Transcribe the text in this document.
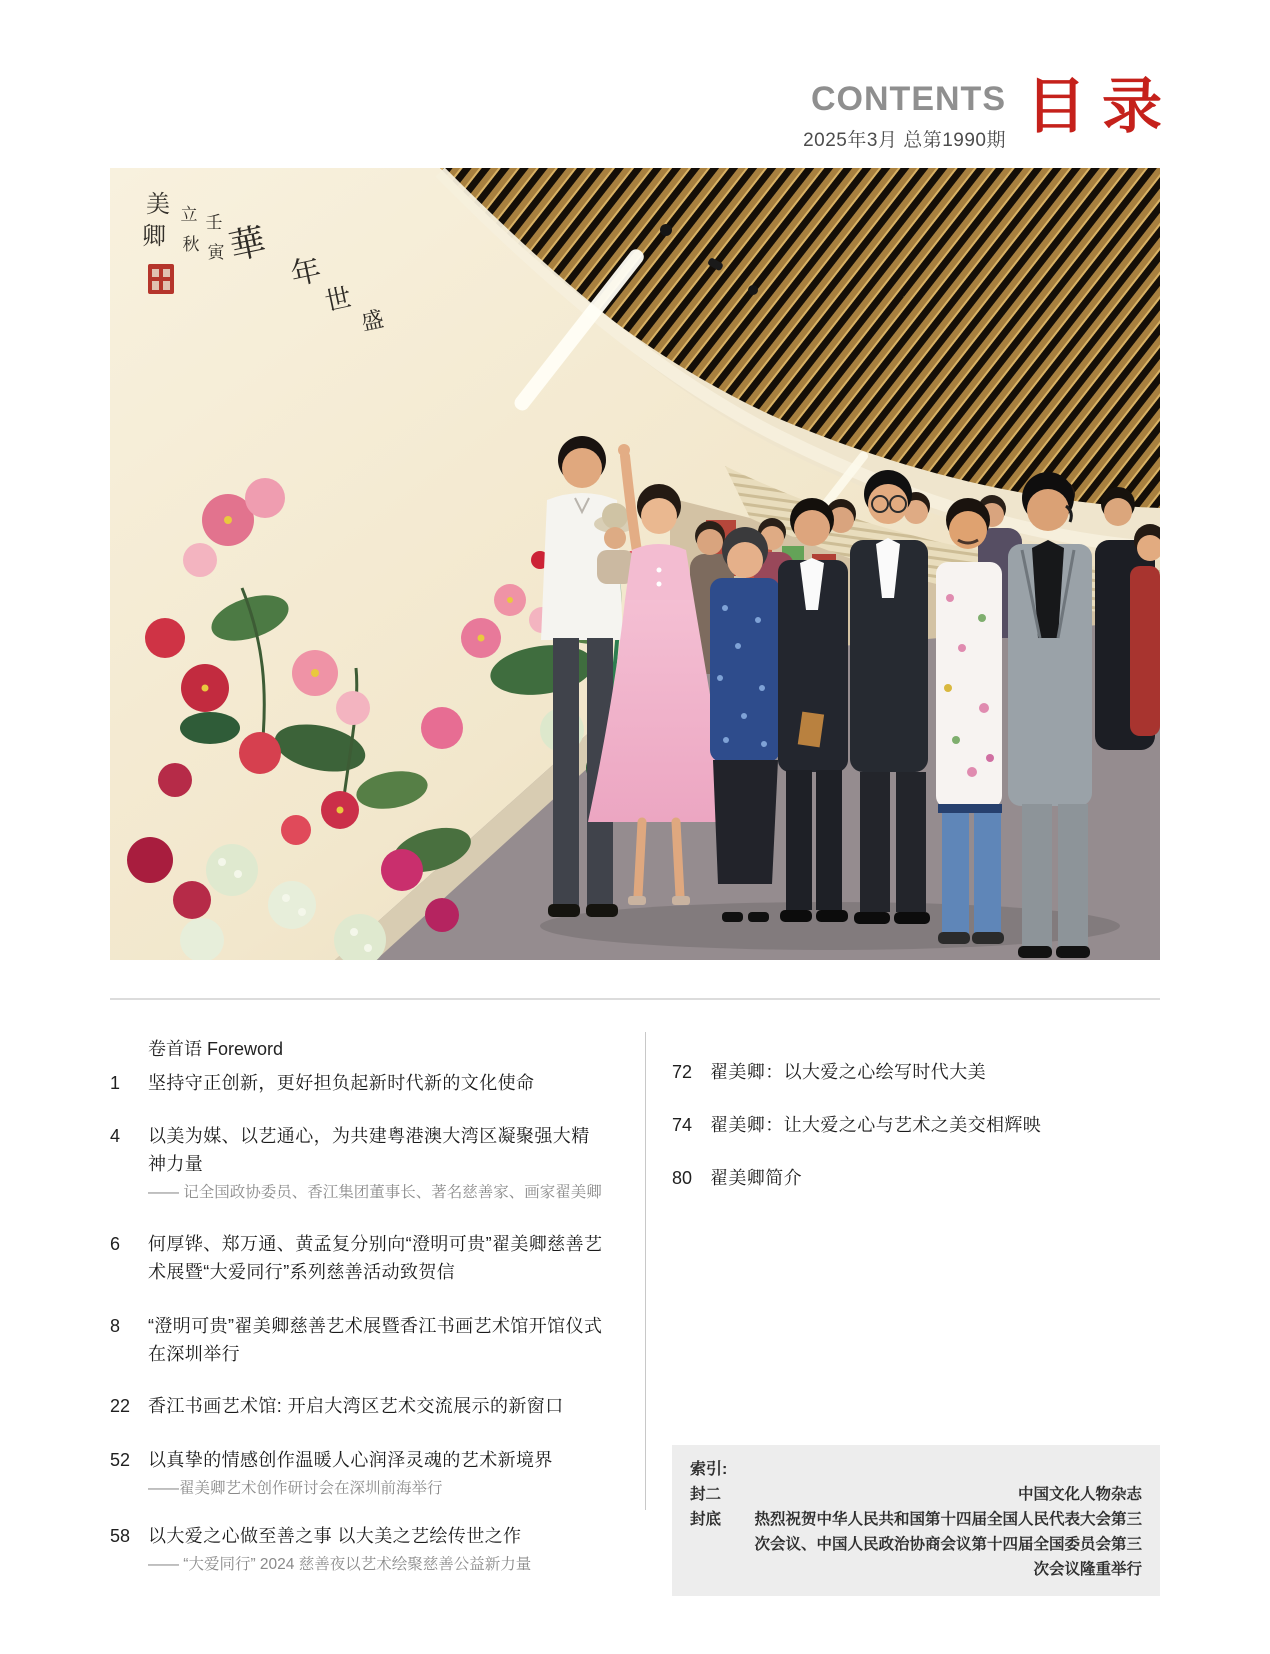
CONTENTS
2025年3月 总第1990期
目 录
美
卿
立
秋
壬
寅 華
年
世
盛
卷首语 Foreword
1	坚持守正创新，更好担负起新时代新的文化使命
4	以美为媒、以艺通心，为共建粤港澳大湾区凝聚强大精神力量
—— 记全国政协委员、香江集团董事长、著名慈善家、画家翟美卿
6	何厚铧、郑万通、黄孟复分别向“澄明可贵”翟美卿慈善艺术展暨“大爱同行”系列慈善活动致贺信
8	“澄明可贵”翟美卿慈善艺术展暨香江书画艺术馆开馆仪式在深圳举行
22 香江书画艺术馆: 开启大湾区艺术交流展示的新窗口
52 以真挚的情感创作温暖人心润泽灵魂的艺术新境界
——翟美卿艺术创作研讨会在深圳前海举行
58 以大爱之心做至善之事 以大美之艺绘传世之作
—— “大爱同行” 2024 慈善夜以艺术绘聚慈善公益新力量
72 翟美卿：以大爱之心绘写时代大美
74 翟美卿：让大爱之心与艺术之美交相辉映
80 翟美卿简介
索引:
封二	中国文化人物杂志
封底	热烈祝贺中华人民共和国第十四届全国人民代表大会第三次会议、中国人民政治协商会议第十四届全国委员会第三次会议隆重举行
